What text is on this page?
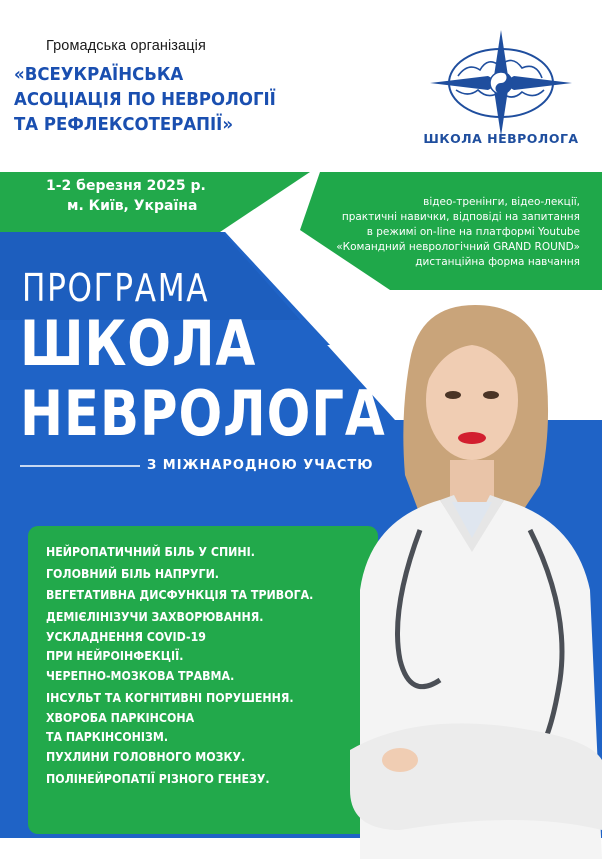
Громадська організація
«ВСЕУКРАЇНСЬКА
АСОЦІАЦІЯ ПО НЕВРОЛОГІЇ
ТА РЕФЛЕКСОТЕРАПІЇ»
ШКОЛА НЕВРОЛОГА
1-2 березня 2025 р.
м. Київ, Україна	відео-тренінги, відео-лекції,
практичні навички, відповіді на запитання
в режимі on-line на платформі Youtube
«Командний неврологічний GRAND ROUND»
дистанційна форма навчання
ПРОГРАМА
ШКОЛА
НЕВРОЛОГА
З МІЖНАРОДНОЮ УЧАСТЮ
НЕЙРОПАТИЧНИЙ БІЛЬ У СПИНІ.
ГОЛОВНИЙ БІЛЬ НАПРУГИ.
ВЕГЕТАТИВНА ДИСФУНКЦІЯ ТА ТРИВОГА.
ДЕМІЄЛІНІЗУЧИ ЗАХВОРЮВАННЯ.
УСКЛАДНЕННЯ COVID-19
ПРИ НЕЙРОІНФЕКЦІЇ.
ЧЕРЕПНО-МОЗКОВА ТРАВМА.
ІНСУЛЬТ ТА КОГНІТИВНІ ПОРУШЕННЯ.
ХВОРОБА ПАРКІНСОНА
ТА ПАРКІНСОНІЗМ.
ПУХЛИНИ ГОЛОВНОГО МОЗКУ.
ПОЛІНЕЙРОПАТІЇ РІЗНОГО ГЕНЕЗУ.
